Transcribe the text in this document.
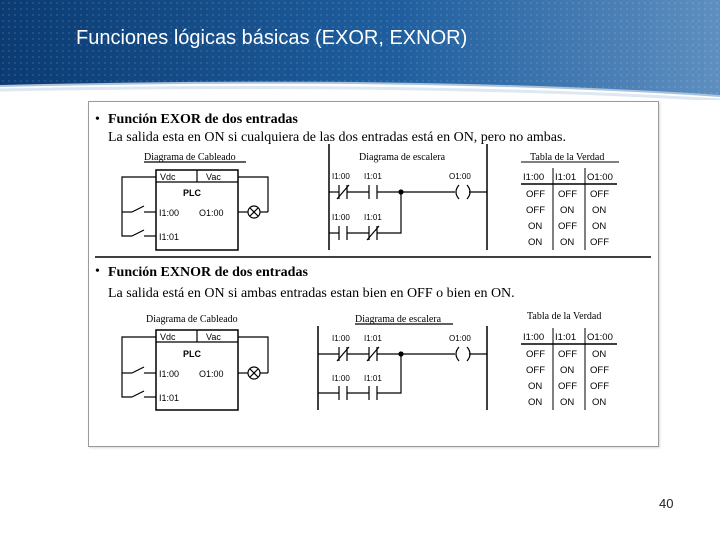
Funciones lógicas básicas (EXOR, EXNOR)
• Función EXOR de dos entradas
La salida esta en ON si cualquiera de las dos entradas está en ON, pero no ambas.
Diagrama de Cableado
Vdc	Vac
PLC
I1:00 O1:00
I1:01
Diagrama de escalera
I1:00 I1:01	O1:00
I1:00 I1:01
Tabla de la Verdad
I1:00 I1:01 O1:00
OFF OFF OFF
OFF ON ON
ON OFF ON
ON ON OFF
• Función EXNOR de dos entradas
La salida está en ON si ambas entradas estan bien en OFF o bien en ON.
Diagrama de Cableado
Vdc	Vac
PLC
I1:00 O1:00
I1:01
Diagrama de escalera
I1:00 I1:01	O1:00
I1:00 I1:01
Tabla de la Verdad
I1:00 I1:01 O1:00
OFF OFF ON
OFF ON OFF
ON OFF OFF
ON ON ON
40
